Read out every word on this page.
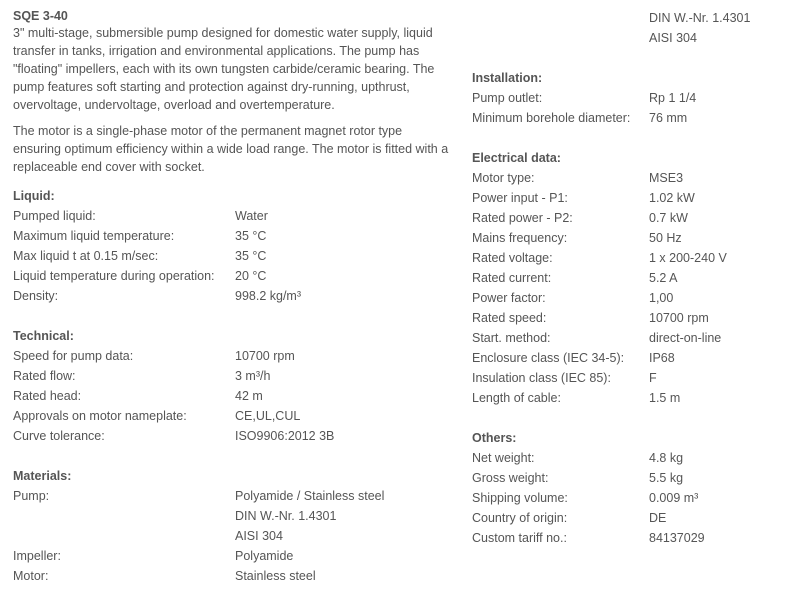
SQE 3-40

3" multi-stage, submersible pump designed for domestic water supply, liquid transfer in tanks, irrigation and environmental applications. The pump has "floating" impellers, each with its own tungsten carbide/ceramic bearing. The pump features soft starting and protection against dry-running, upthrust, overvoltage, undervoltage, overload and overtemperature.

The motor is a single-phase motor of the permanent magnet rotor type ensuring optimum efficiency within a wide load range. The motor is fitted with a replaceable end cover with socket.

Liquid:
Pumped liquid:	Water
Maximum liquid temperature:	35 °C
Max liquid t at 0.15 m/sec:	35 °C
Liquid temperature during operation:	20 °C
Density:	998.2 kg/m³
Technical:
Speed for pump data:	10700 rpm
Rated flow:	3 m³/h
Rated head:	42 m
Approvals on motor nameplate:	CE,UL,CUL
Curve tolerance:	ISO9906:2012 3B
Materials:
Pump:	Polyamide / Stainless steel
DIN W.-Nr. 1.4301
AISI 304
Impeller:	Polyamide
Motor:	Stainless steel
DIN W.-Nr. 1.4301
AISI 304
Installation:
Pump outlet:	Rp 1 1/4
Minimum borehole diameter:	76 mm
Electrical data:
Motor type:	MSE3
Power input - P1:	1.02 kW
Rated power - P2:	0.7 kW
Mains frequency:	50 Hz
Rated voltage:	1 x 200-240 V
Rated current:	5.2 A
Power factor:	1,00
Rated speed:	10700 rpm
Start. method:	direct-on-line
Enclosure class (IEC 34-5):	IP68
Insulation class (IEC 85):	F
Length of cable:	1.5 m
Others:
Net weight:	4.8 kg
Gross weight:	5.5 kg
Shipping volume:	0.009 m³
Country of origin:	DE
Custom tariff no.:	84137029
